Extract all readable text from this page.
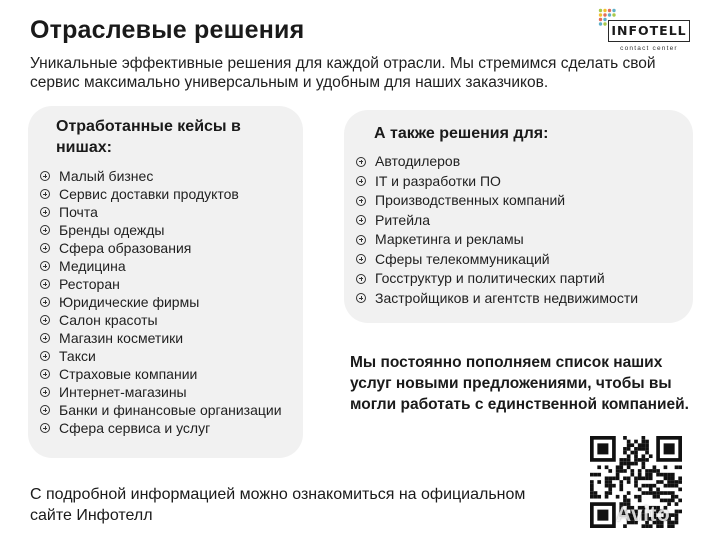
Отраслевые решения
Уникальные эффективные решения для каждой отрасли. Мы стремимся сделать свой сервис максимально универсальным и удобным для наших заказчиков.
INFOTELL
contact center
Отработанные кейсы в нишах:
Малый бизнес
Сервис доставки продуктов
Почта
Бренды одежды
Сфера образования
Медицина
Ресторан
Юридические фирмы
Салон красоты
Магазин косметики
Такси
Страховые компании
Интернет-магазины
Банки и финансовые организации
Сфера сервиса и услуг
А также решения для:
Автодилеров
IT и разработки ПО
Производственных компаний
Ритейла
Маркетинга и рекламы
Сферы телекоммуникаций
Госструктур и политических партий
Застройщиков и агентств недвижимости
Мы постоянно пополняем список наших услуг новыми предложениями, чтобы вы могли работать с единственной компанией.
С подробной информацией можно ознакомиться на официальном сайте Инфотелл	Avito
